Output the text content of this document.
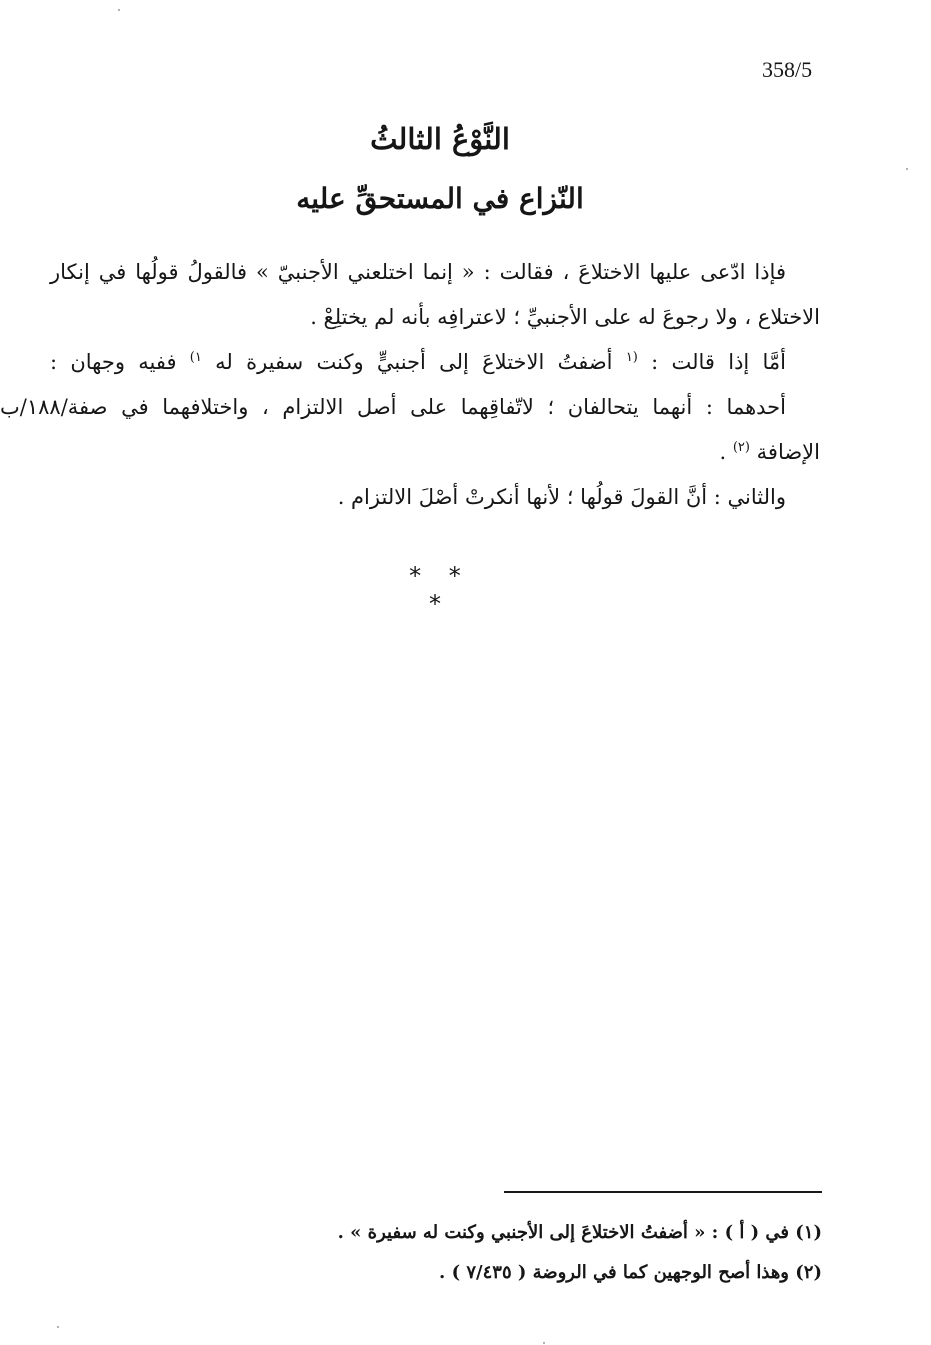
358/5
النَّوْعُ الثالثُ
النّزاع في المستحقِّ عليه
فإذا ادّعى عليها الاختلاعَ ، فقالت : « إنما اختلعني الأجنبيّ » فالقولُ قولُها في إنكار
الاختلاع ، ولا رجوعَ له على الأجنبيِّ ؛ لاعترافِه بأنه لم يختلِعْ .
أمَّا إذا قالت : $^{(١}$ أضفتُ الاختلاعَ إلى أجنبيٍّ وكنت سفيرة له $^{١)}$ ففيه وجهان :
أحدهما : أنهما يتحالفان ؛ لاتّفاقِهما على أصل الالتزام ، واختلافهما في صفة/١٨٨/ب
الإضافة $^{(٢)}$ .
والثاني : أنَّ القولَ قولُها ؛ لأنها أنكرتْ أصْلَ الالتزام .
* * *
(١) في ( أ ) : « أضفتُ الاختلاعَ إلى الأجنبي وكنت له سفيرة » .
(٢) وهذا أصح الوجهين كما في الروضة ( ٧/٤٣٥ ) .
